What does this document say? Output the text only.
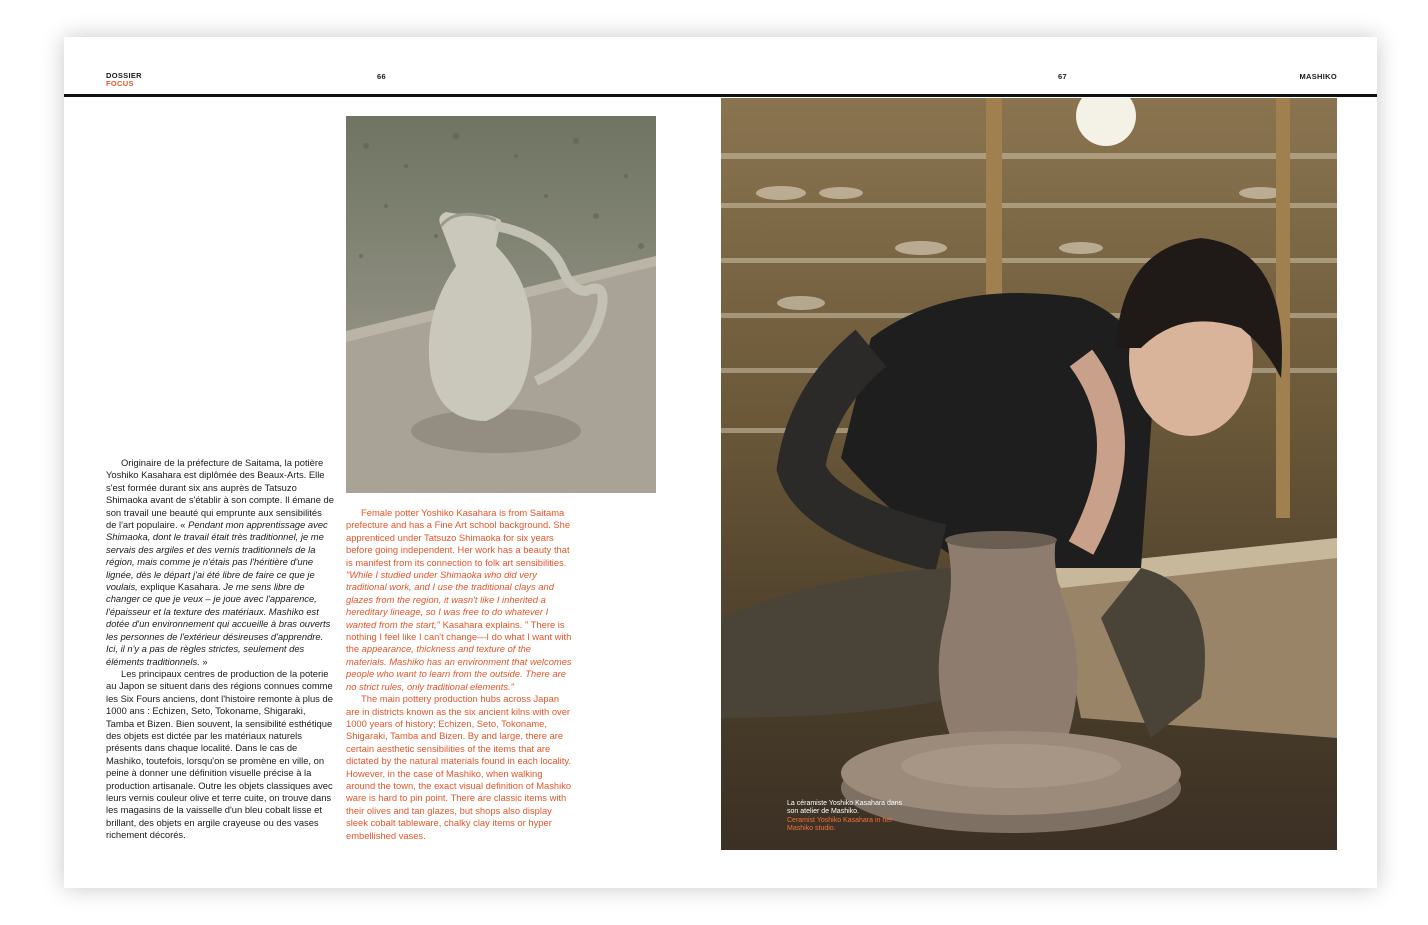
DOSSIER
FOCUS
66	67	MASHIKO
La céramiste Yoshiko Kasahara dans son atelier de Mashiko.
Ceramist Yoshiko Kasahara in her Mashiko studio.

Originaire de la préfecture de Saitama, la potière Yoshiko Kasahara est diplômée des Beaux-Arts. Elle s'est formée durant six ans auprès de Tatsuzo Shimaoka avant de s'établir à son compte. Il émane de son travail une beauté qui emprunte aux sensibilités de l'art populaire. « Pendant mon apprentissage avec Shimaoka, dont le travail était très traditionnel, je me servais des argiles et des vernis traditionnels de la région, mais comme je n'étais pas l'héritière d'une lignée, dès le départ j'ai été libre de faire ce que je voulais, explique Kasahara. Je me sens libre de changer ce que je veux – je joue avec l'apparence, l'épaisseur et la texture des matériaux. Mashiko est dotée d'un environnement qui accueille à bras ouverts les personnes de l'extérieur désireuses d'apprendre. Ici, il n'y a pas de règles strictes, seulement des éléments traditionnels. »

Les principaux centres de production de la poterie au Japon se situent dans des régions connues comme les Six Fours anciens, dont l'histoire remonte à plus de 1000 ans : Echizen, Seto, Tokoname, Shigaraki, Tamba et Bizen. Bien souvent, la sensibilité esthétique des objets est dictée par les matériaux naturels présents dans chaque localité. Dans le cas de Mashiko, toutefois, lorsqu'on se promène en ville, on peine à donner une définition visuelle précise à la production artisanale. Outre les objets classiques avec leurs vernis couleur olive et terre cuite, on trouve dans les magasins de la vaisselle d'un bleu cobalt lisse et brillant, des objets en argile crayeuse ou des vases richement décorés.

Female potter Yoshiko Kasahara is from Saitama prefecture and has a Fine Art school background. She apprenticed under Tatsuzo Shimaoka for six years before going independent. Her work has a beauty that is manifest from its connection to folk art sensibilities. "While I studied under Shimaoka who did very traditional work, and I use the traditional clays and glazes from the region, it wasn't like I inherited a hereditary lineage, so I was free to do whatever I wanted from the start," Kasahara explains. " There is nothing I feel like I can't change—I do what I want with the appearance, thickness and texture of the materials. Mashiko has an environment that welcomes people who want to learn from the outside. There are no strict rules, only traditional elements."

The main pottery production hubs across Japan are in districts known as the six ancient kilns with over 1000 years of history; Echizen, Seto, Tokoname, Shigaraki, Tamba and Bizen. By and large, there are certain aesthetic sensibilities of the items that are dictated by the natural materials found in each locality. However, in the case of Mashiko, when walking around the town, the exact visual definition of Mashiko ware is hard to pin point. There are classic items with their olives and tan glazes, but shops also display sleek cobalt tableware, chalky clay items or hyper embellished vases.
